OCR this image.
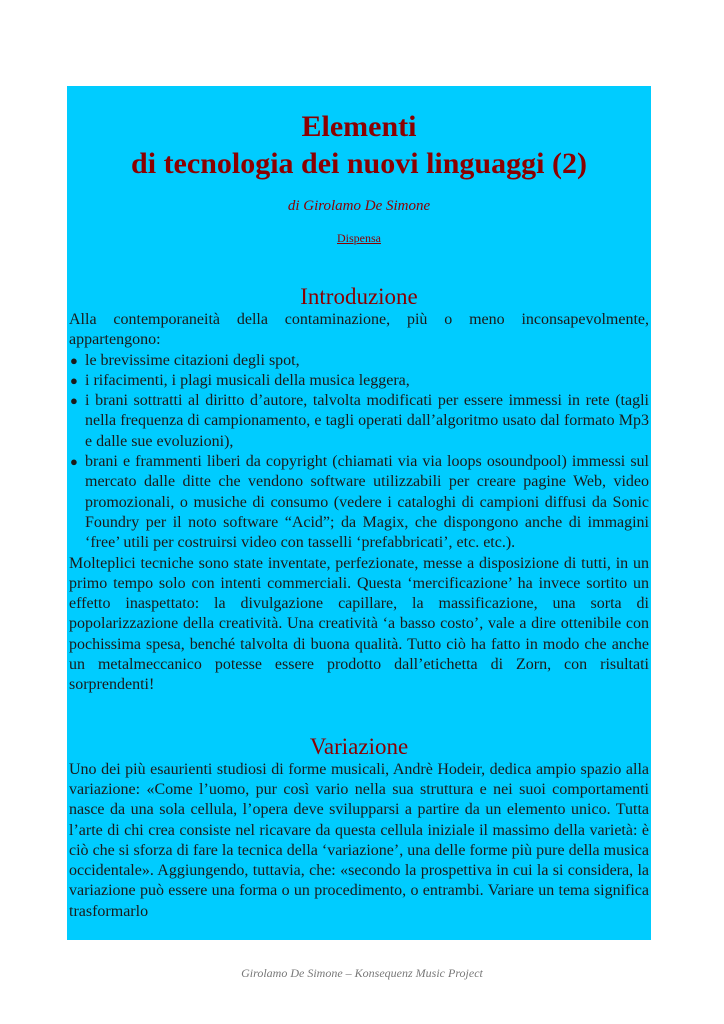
Elementi
di tecnologia dei nuovi linguaggi (2)
di Girolamo De Simone
Dispensa
Introduzione

Alla contemporaneità della contaminazione, più o meno inconsapevolmente, appartengono:

● le brevissime citazioni degli spot,
● i rifacimenti, i plagi musicali della musica leggera,
● i brani sottratti al diritto d’autore, talvolta modificati per essere immessi in rete (tagli nella frequenza di campionamento, e tagli operati dall’algoritmo usato dal formato Mp3 e dalle sue evoluzioni),
● brani e frammenti liberi da copyright (chiamati via via loops osoundpool) immessi sul mercato dalle ditte che vendono software utilizzabili per creare pagine Web, video promozionali, o musiche di consumo (vedere i cataloghi di campioni diffusi da Sonic Foundry per il noto software “Acid”; da Magix, che dispongono anche di immagini ‘free’ utili per costruirsi video con tasselli ‘prefabbricati’, etc. etc.).

Molteplici tecniche sono state inventate, perfezionate, messe a disposizione di tutti, in un primo tempo solo con intenti commerciali. Questa ‘mercificazione’ ha invece sortito un effetto inaspettato: la divulgazione capillare, la massificazione, una sorta di popolarizzazione della creatività. Una creatività ‘a basso costo’, vale a dire ottenibile con pochissima spesa, benché talvolta di buona qualità. Tutto ciò ha fatto in modo che anche un metalmeccanico potesse essere prodotto dall’etichetta di Zorn, con risultati sorprendenti!

Variazione

Uno dei più esaurienti studiosi di forme musicali, Andrè Hodeir, dedica ampio spazio alla variazione: «Come l’uomo, pur così vario nella sua struttura e nei suoi comportamenti nasce da una sola cellula, l’opera deve svilupparsi a partire da un elemento unico. Tutta l’arte di chi crea consiste nel ricavare da questa cellula iniziale il massimo della varietà: è ciò che si sforza di fare la tecnica della ‘variazione’, una delle forme più pure della musica occidentale». Aggiungendo, tuttavia, che: «secondo la prospettiva in cui la si considera, la variazione può essere una forma o un procedimento, o entrambi. Variare un tema significa trasformarlo

Girolamo De Simone – Konsequenz Music Project
